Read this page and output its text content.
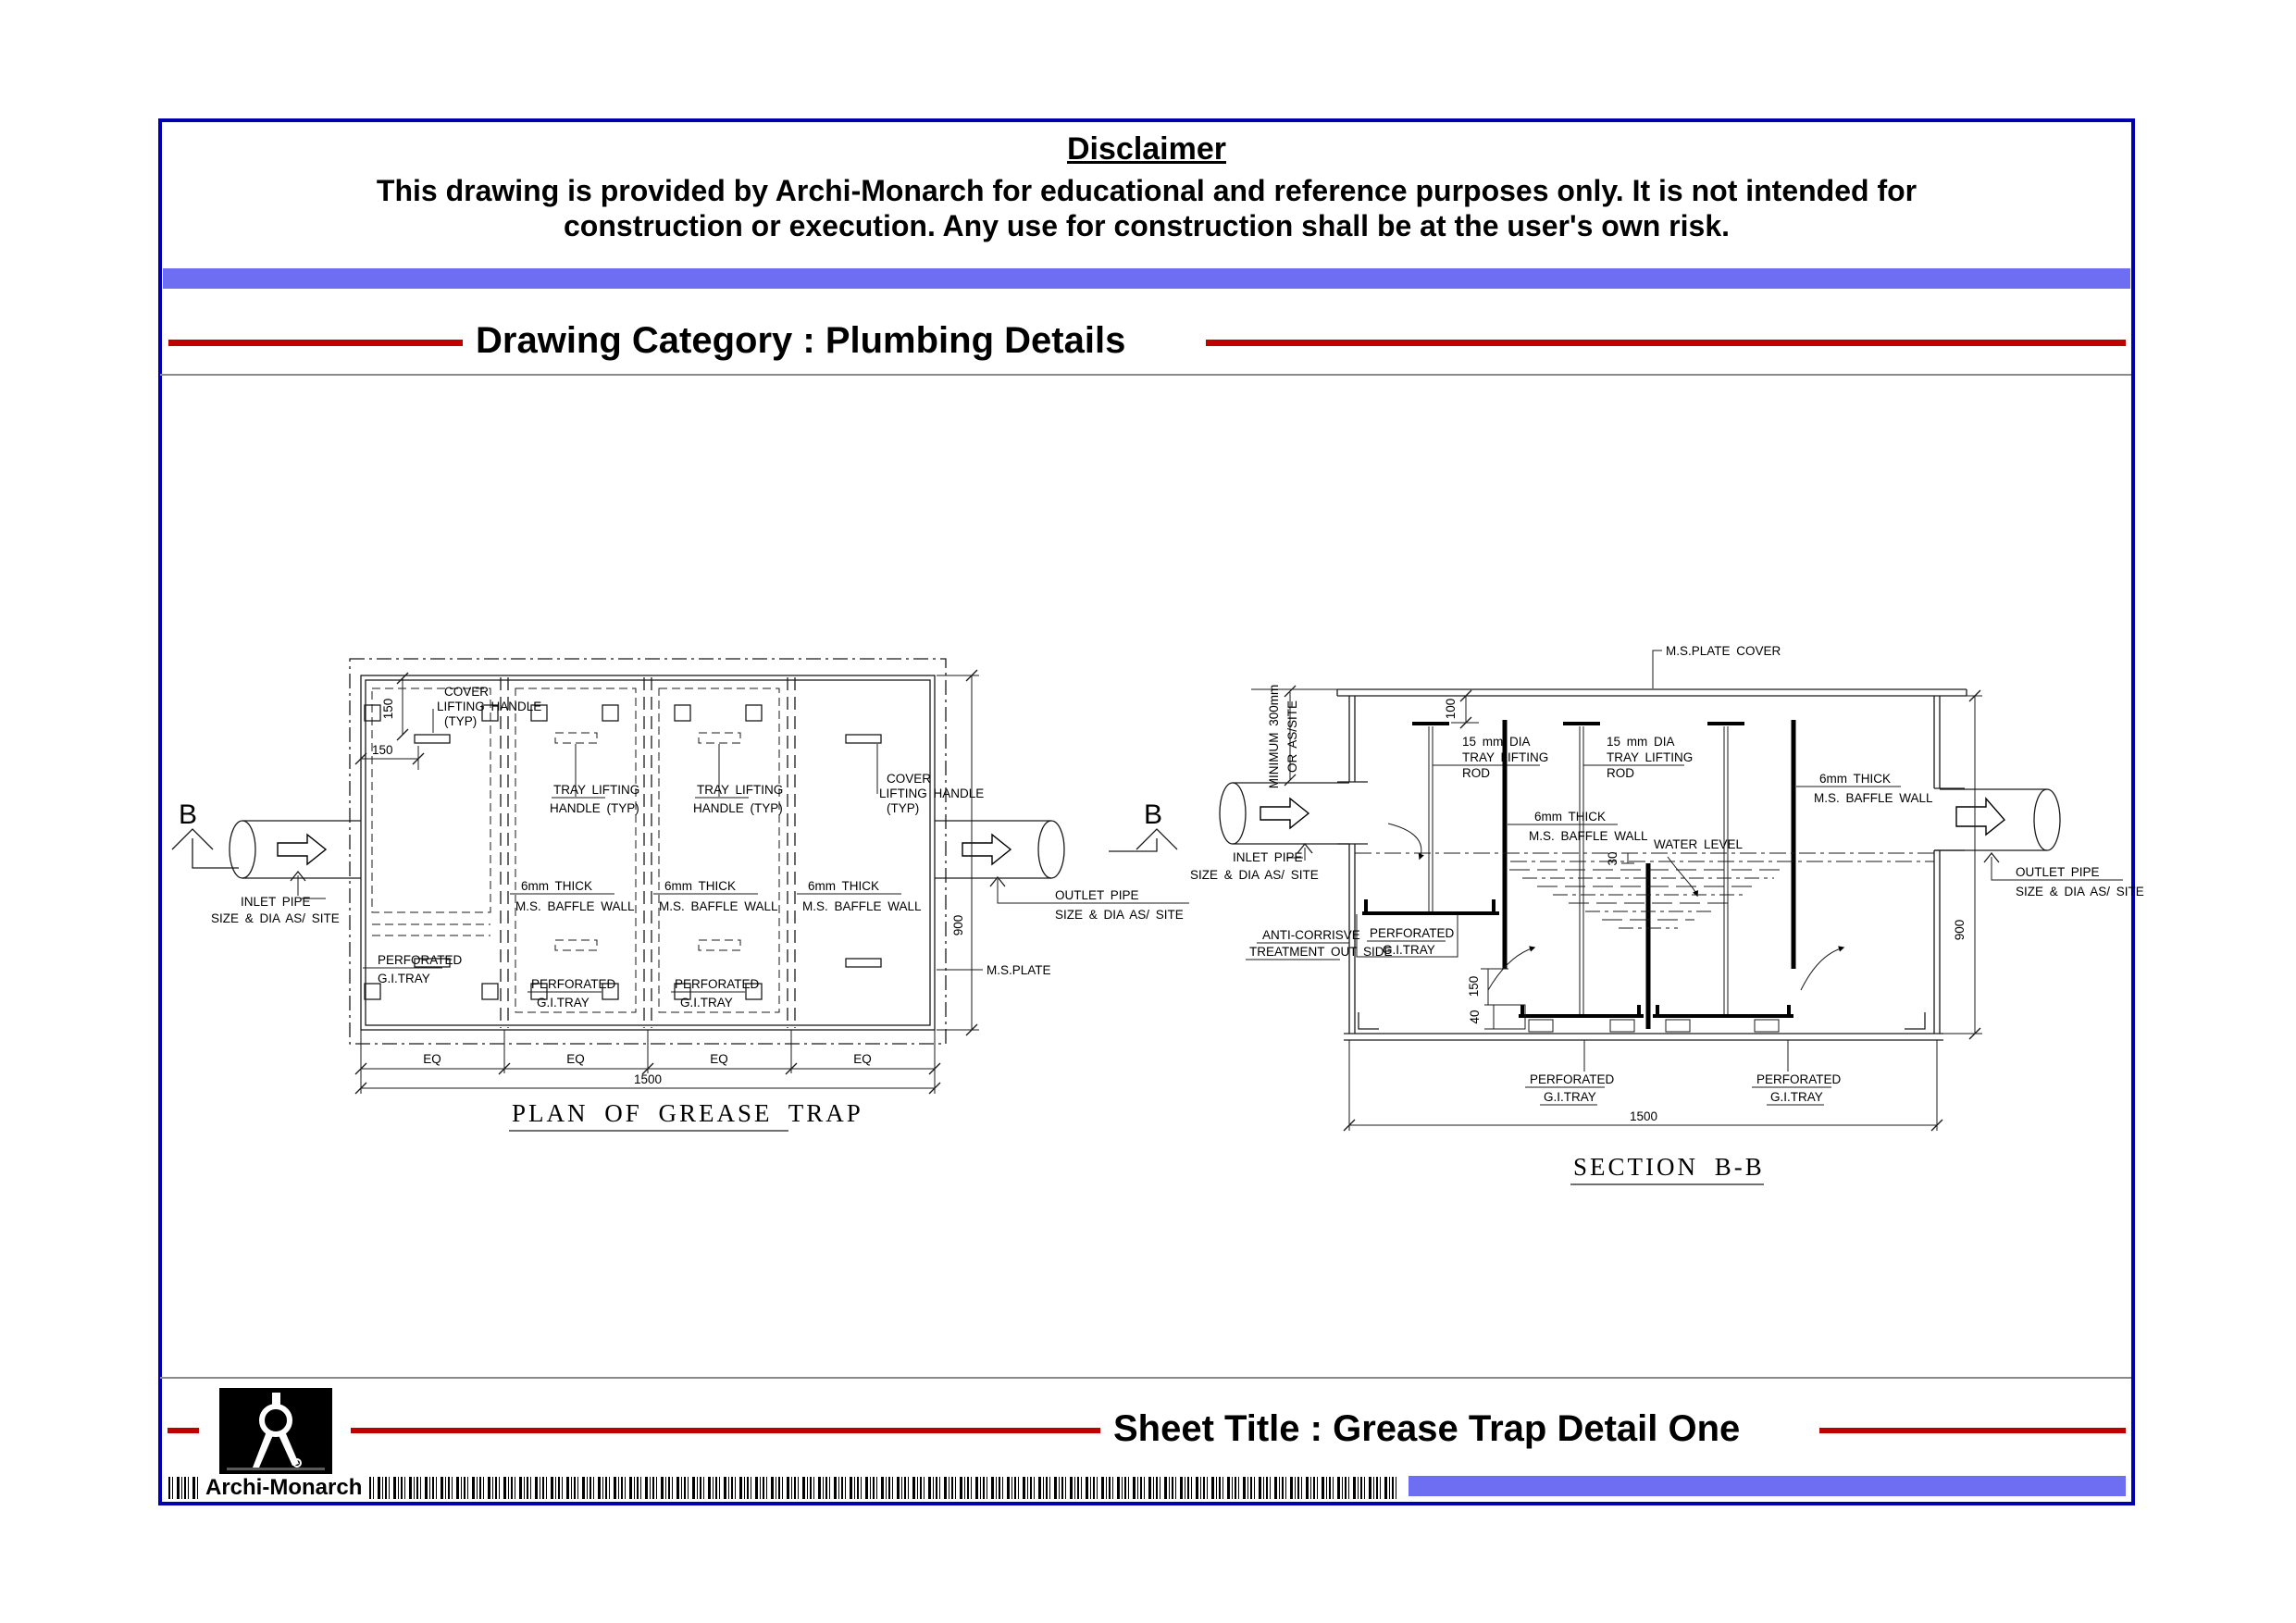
Disclaimer
This drawing is provided by Archi-Monarch for educational and reference purposes only. It is not intended for
construction or execution. Any use for construction shall be at the user's own risk.
Drawing Category : Plumbing Details
B	B
150
150
COVER
LIFTING HANDLE
(TYP)
TRAY LIFTING
HANDLE (TYP)
TRAY LIFTING
HANDLE (TYP)
COVER
LIFTING HANDLE
(TYP)
6mm THICK
M.S. BAFFLE WALL
6mm THICK
M.S. BAFFLE WALL
6mm THICK
M.S. BAFFLE WALL
PERFORATED
G.I.TRAY	PERFORATED
G.I.TRAY
PERFORATED
G.I.TRAY
INLET PIPE
SIZE & DIA AS/ SITE
OUTLET PIPE
SIZE & DIA AS/ SITE
M.S.PLATE
900
EQ	EQ	EQ	EQ
1500
PLAN OF GREASE TRAP
MINIMUM 300mm OR AS/SITE	100
15 mm DIA
TRAY LIFTING
ROD
15 mm DIA
TRAY LIFTING
ROD
6mm THICK
M.S. BAFFLE WALL
6mm THICK
M.S. BAFFLE WALL
WATER LEVEL
30
PERFORATED
G.I.TRAY
150
40
ANTI-CORRISVE
TREATMENT OUT SIDE
INLET PIPE
SIZE & DIA AS/ SITE	OUTLET PIPE
SIZE & DIA AS/ SITE
M.S.PLATE COVER
900
PERFORATED
G.I.TRAY
PERFORATED
G.I.TRAY
1500
SECTION B-B
Sheet Title : Grease Trap Detail One
Archi-Monarch
